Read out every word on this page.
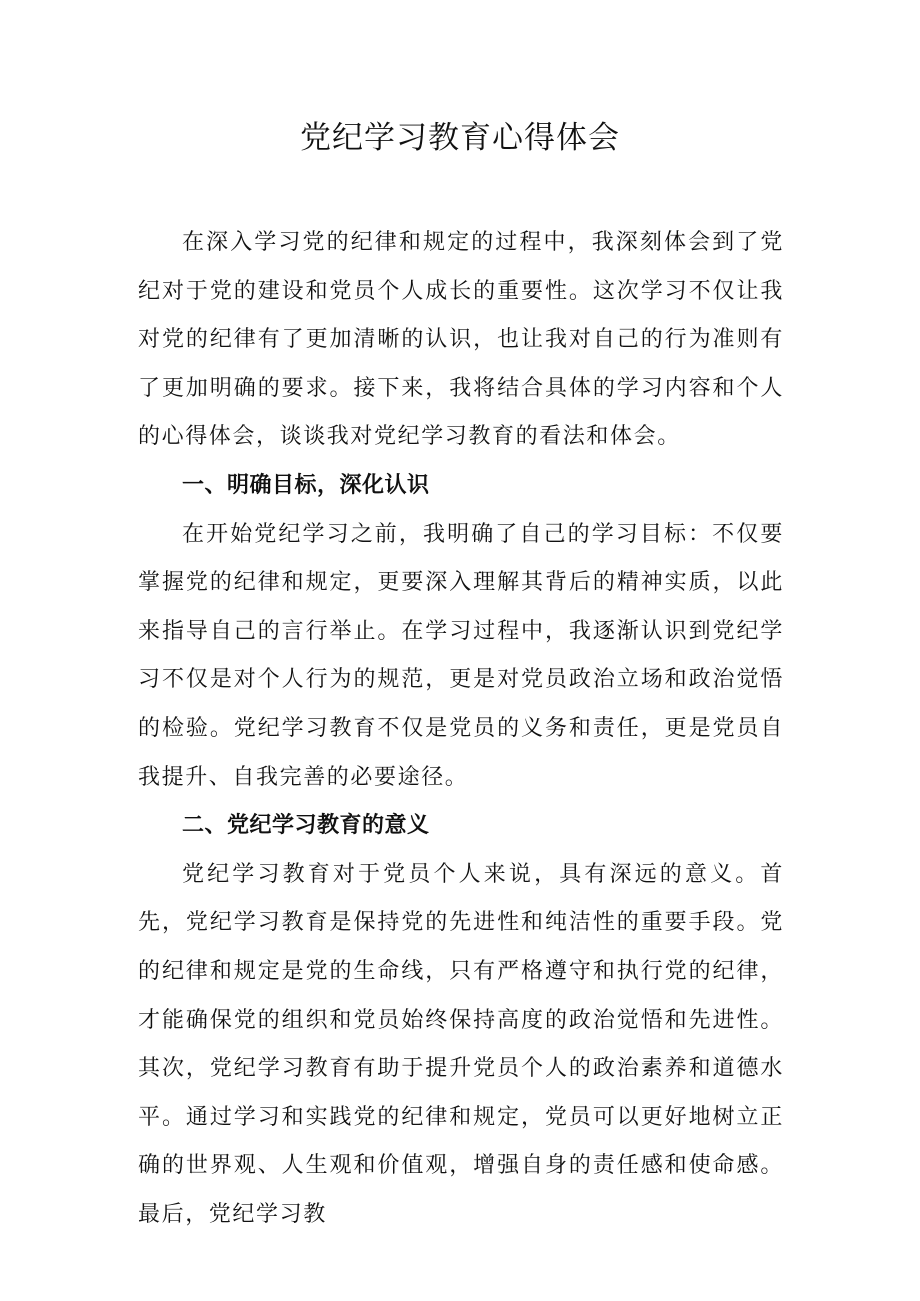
党纪学习教育心得体会

在深入学习党的纪律和规定的过程中，我深刻体会到了党纪对于党的建设和党员个人成长的重要性。这次学习不仅让我对党的纪律有了更加清晰的认识，也让我对自己的行为准则有了更加明确的要求。接下来，我将结合具体的学习内容和个人的心得体会，谈谈我对党纪学习教育的看法和体会。

一、明确目标，深化认识

在开始党纪学习之前，我明确了自己的学习目标：不仅要掌握党的纪律和规定，更要深入理解其背后的精神实质，以此来指导自己的言行举止。在学习过程中，我逐渐认识到党纪学习不仅是对个人行为的规范，更是对党员政治立场和政治觉悟的检验。党纪学习教育不仅是党员的义务和责任，更是党员自我提升、自我完善的必要途径。

二、党纪学习教育的意义

党纪学习教育对于党员个人来说，具有深远的意义。首先，党纪学习教育是保持党的先进性和纯洁性的重要手段。党的纪律和规定是党的生命线，只有严格遵守和执行党的纪律，才能确保党的组织和党员始终保持高度的政治觉悟和先进性。其次，党纪学习教育有助于提升党员个人的政治素养和道德水平。通过学习和实践党的纪律和规定，党员可以更好地树立正确的世界观、人生观和价值观，增强自身的责任感和使命感。最后，党纪学习教
